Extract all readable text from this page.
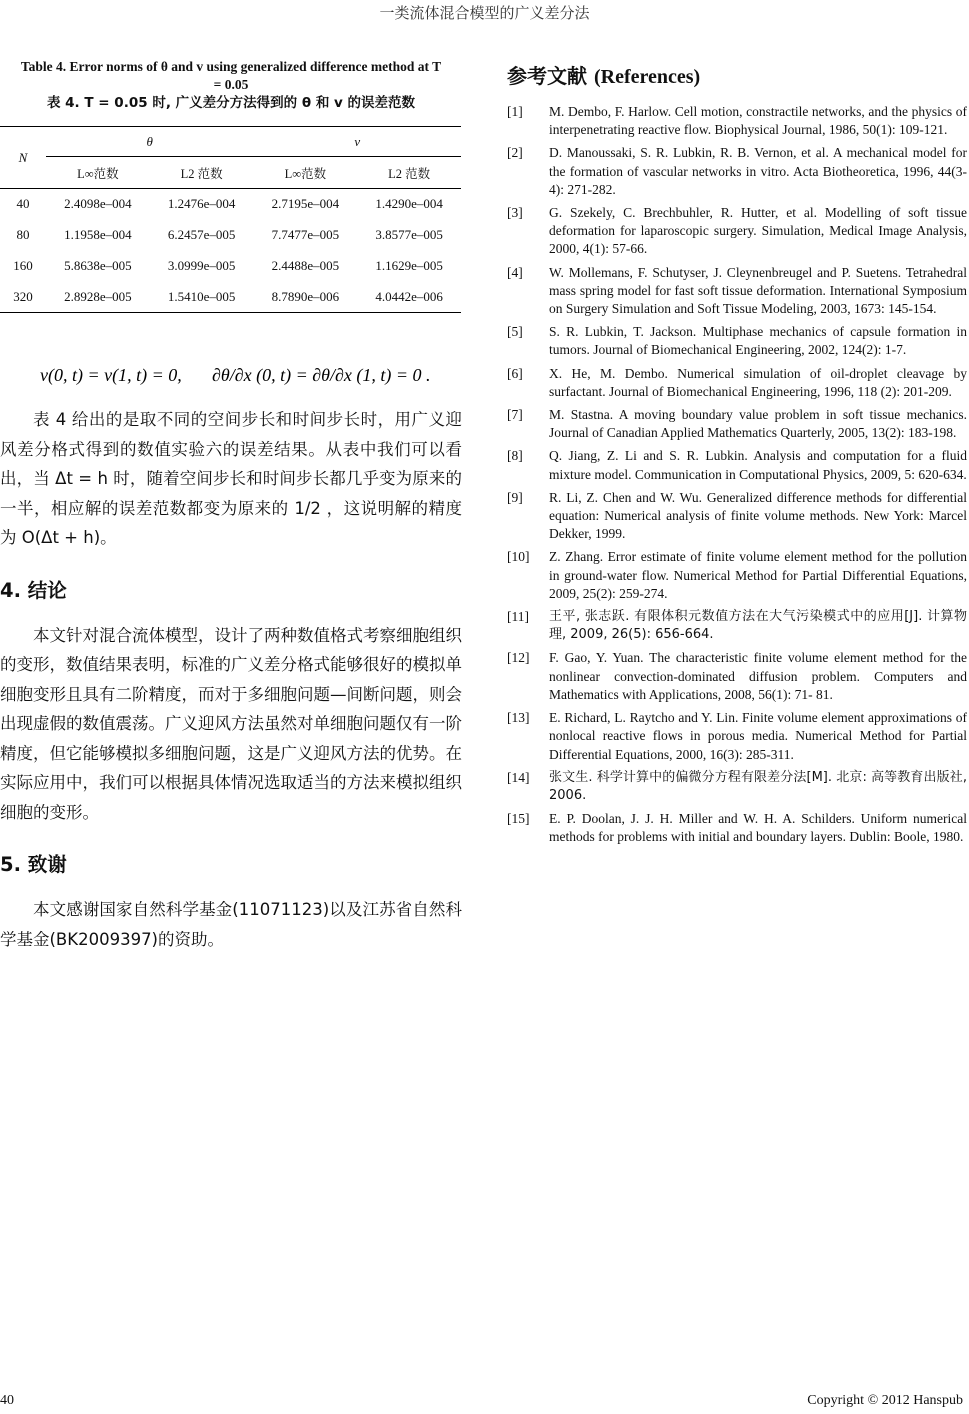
一类流体混合模型的广义差分法
Table 4. Error norms of θ and v using generalized difference method at T = 0.05
表 4. T = 0.05 时, 广义差分方法得到的 θ 和 v 的误差范数
N	θ		v	
	L∞范数	L2 范数	L∞范数	L2 范数
40	2.4098e–004	1.2476e–004	2.7195e–004	1.4290e–004
80	1.1958e–004	6.2457e–005	7.7477e–005	3.8577e–005
160	5.8638e–005	3.0999e–005	2.4488e–005	1.1629e–005
320	2.8928e–005	1.5410e–005	8.7890e–006	4.0442e–006
v(0, t) = v(1, t) = 0, ∂θ/∂x (0, t) = ∂θ/∂x (1, t) = 0 .

表 4 给出的是取不同的空间步长和时间步长时，用广义迎风差分格式得到的数值实验六的误差结果。从表中我们可以看出，当 Δt = h 时，随着空间步长和时间步长都几乎变为原来的一半，相应解的误差范数都变为原来的 1/2 ，这说明解的精度为 O(Δt + h)。

4. 结论

本文针对混合流体模型，设计了两种数值格式考察细胞组织的变形，数值结果表明，标准的广义差分格式能够很好的模拟单细胞变形且具有二阶精度，而对于多细胞问题—间断问题，则会出现虚假的数值震荡。广义迎风方法虽然对单细胞问题仅有一阶精度，但它能够模拟多细胞问题，这是广义迎风方法的优势。在实际应用中，我们可以根据具体情况选取适当的方法来模拟组织细胞的变形。

5. 致谢

本文感谢国家自然科学基金(11071123)以及江苏省自然科学基金(BK2009397)的资助。

参考文献 (References)
[1]	M. Dembo, F. Harlow. Cell motion, constractile networks, and the physics of interpenetrating reactive flow. Biophysical Journal, 1986, 50(1): 109-121.
[2]	D. Manoussaki, S. R. Lubkin, R. B. Vernon, et al. A mechanical model for the formation of vascular networks in vitro. Acta Biotheoretica, 1996, 44(3-4): 271-282.
[3]	G. Szekely, C. Brechbuhler, R. Hutter, et al. Modelling of soft tissue deformation for laparoscopic surgery. Simulation, Medical Image Analysis, 2000, 4(1): 57-66.
[4]	W. Mollemans, F. Schutyser, J. Cleynenbreugel and P. Suetens. Tetrahedral mass spring model for fast soft tissue deformation. International Symposium on Surgery Simulation and Soft Tissue Modeling, 2003, 1673: 145-154.
[5]	S. R. Lubkin, T. Jackson. Multiphase mechanics of capsule formation in tumors. Journal of Biomechanical Engineering, 2002, 124(2): 1-7.
[6]	X. He, M. Dembo. Numerical simulation of oil-droplet cleavage by surfactant. Journal of Biomechanical Engineering, 1996, 118 (2): 201-209.
[7]	M. Stastna. A moving boundary value problem in soft tissue mechanics. Journal of Canadian Applied Mathematics Quarterly, 2005, 13(2): 183-198.
[8]	Q. Jiang, Z. Li and S. R. Lubkin. Analysis and computation for a fluid mixture model. Communication in Computational Physics, 2009, 5: 620-634.
[9]	R. Li, Z. Chen and W. Wu. Generalized difference methods for differential equation: Numerical analysis of finite volume methods. New York: Marcel Dekker, 1999.
[10]	Z. Zhang. Error estimate of finite volume element method for the pollution in ground-water flow. Numerical Method for Partial Differential Equations, 2009, 25(2): 259-274.
[11]	王平, 张志跃. 有限体积元数值方法在大气污染模式中的应用[J]. 计算物理, 2009, 26(5): 656-664.
[12]	F. Gao, Y. Yuan. The characteristic finite volume element method for the nonlinear convection-dominated diffusion problem. Computers and Mathematics with Applications, 2008, 56(1): 71- 81.
[13]	E. Richard, L. Raytcho and Y. Lin. Finite volume element approximations of nonlocal reactive flows in porous media. Numerical Method for Partial Differential Equations, 2000, 16(3): 285-311.
[14]	张文生. 科学计算中的偏微分方程有限差分法[M]. 北京: 高等教育出版社, 2006.
[15]	E. P. Doolan, J. J. H. Miller and W. H. A. Schilders. Uniform numerical methods for problems with initial and boundary layers. Dublin: Boole, 1980.
40	Copyright © 2012 Hanspub
